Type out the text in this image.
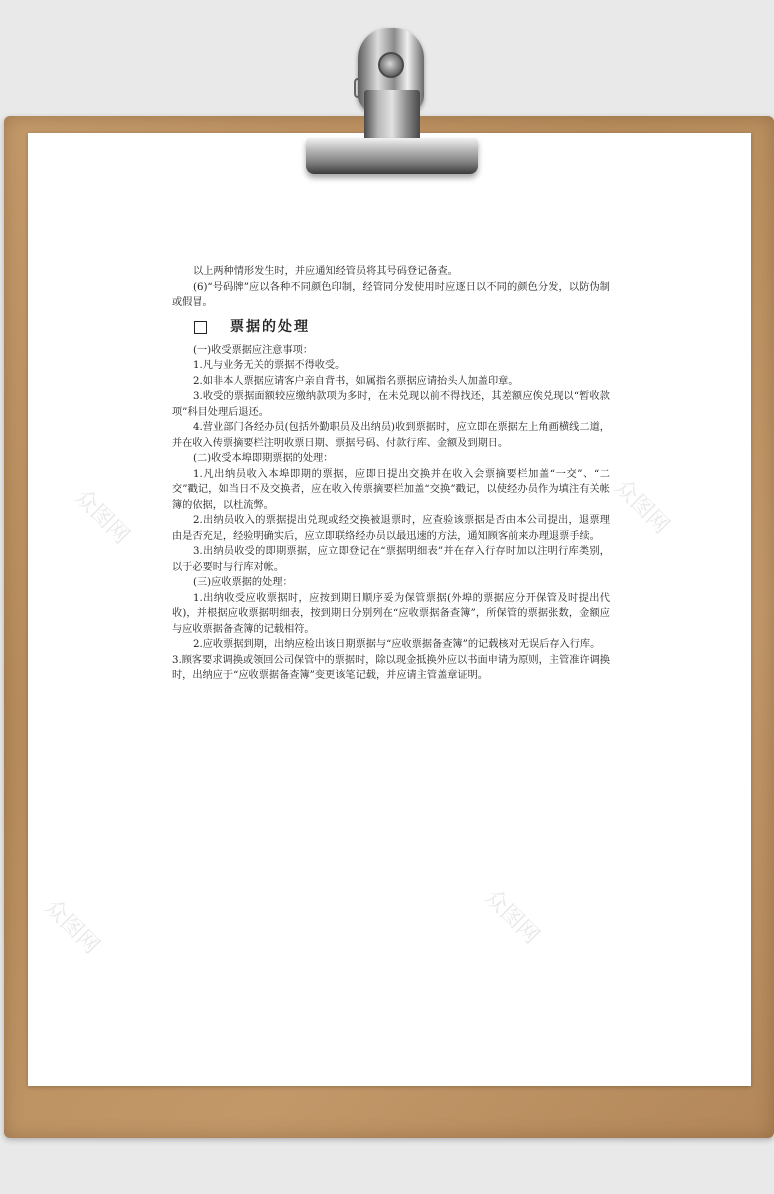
众图网	众图网
众图网	众图网

以上两种情形发生时，并应通知经管员将其号码登记备查。

(6)“号码牌”应以各种不同颜色印制，经管同分发使用时应逐日以不同的颜色分发，以防伪制或假冒。

票据的处理

(一)收受票据应注意事项：

1.凡与业务无关的票据不得收受。

2.如非本人票据应请客户亲自背书，如属指名票据应请抬头人加盖印章。

3.收受的票据面额较应缴纳款项为多时，在未兑现以前不得找还，其差额应俟兑现以“暂收款项”科目处理后退还。

4.营业部门各经办员(包括外勤职员及出纳员)收到票据时，应立即在票据左上角画横线二道，并在收入传票摘要栏注明收票日期、票据号码、付款行库、金额及到期日。

(二)收受本埠即期票据的处理：

1.凡出纳员收入本埠即期的票据，应即日提出交换并在收入会票摘要栏加盖“一交”、“二交”戳记，如当日不及交换者，应在收入传票摘要栏加盖“交换”戳记，以使经办员作为填注有关帐簿的依据，以杜流弊。

2.出纳员收入的票据提出兑现或经交换被退票时，应查验该票据是否由本公司提出，退票理由是否充足，经验明确实后，应立即联络经办员以最迅速的方法，通知顾客前来办理退票手续。

3.出纳员收受的即期票据，应立即登记在“票据明细表”并在存入行存时加以注明行库类别，以于必要时与行库对帐。

(三)应收票据的处理：

1.出纳收受应收票据时，应按到期日顺序妥为保管票据(外埠的票据应分开保管及时提出代收)，并根据应收票据明细表，按到期日分别列在“应收票据备查簿”，所保管的票据张数，金额应与应收票据备查簿的记载相符。

2.应收票据到期，出纳应检出该日期票据与“应收票据备查簿”的记载核对无误后存入行库。

3.顾客要求调换或领回公司保管中的票据时，除以现金抵换外应以书面申请为原则，主管准许调换时，出纳应于“应收票据备查簿”变更该笔记载，并应请主管盖章证明。
